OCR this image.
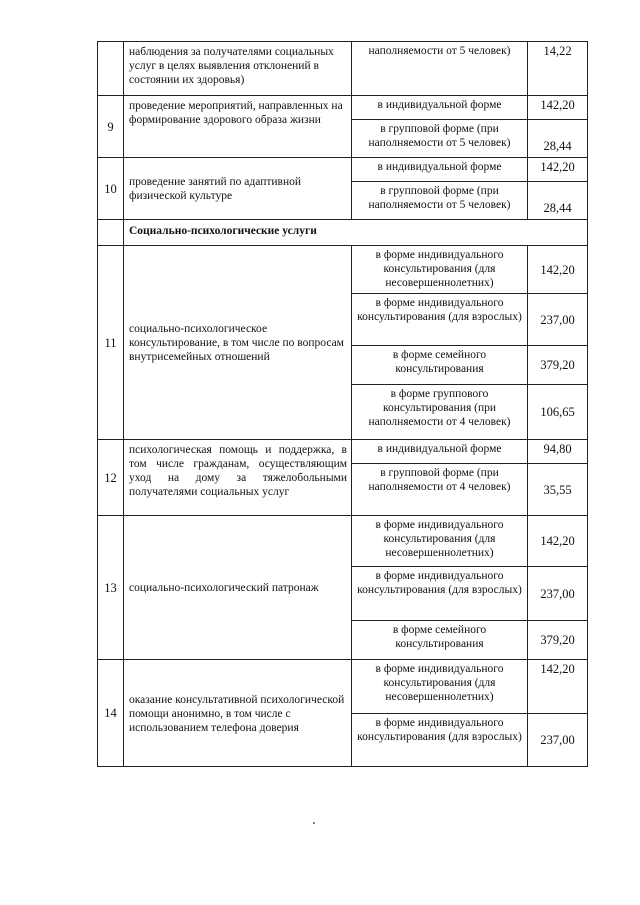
	наблюдения за получателями социальных услуг в целях выявления отклонений в состоянии их здоровья)	наполняемости от 5 человек)	14,22
9	проведение мероприятий, направленных на формирование здорового образа жизни	в индивидуальной форме	142,20
		в групповой форме (при наполняемости от 5 человек)	28,44
10	проведение занятий по адаптивной физической культуре	в индивидуальной форме	142,20
		в групповой форме (при наполняемости от 5 человек)	28,44
	Социально-психологические услуги		
11	социально-психологическое консультирование, в том числе по вопросам внутрисемейных отношений	в форме индивидуального консультирования (для несовершеннолетних)	142,20
		в форме индивидуального консультирования (для взрослых)	237,00
		в форме семейного консультирования	379,20
		в форме группового консультирования (при наполняемости от 4 человек)	106,65
12	психологическая помощь и поддержка, в том числе гражданам, осуществляющим уход на дому за тяжелобольными получателями социальных услуг	в индивидуальной форме	94,80
		в групповой форме (при наполняемости от 4 человек)	35,55
13	социально-психологический патронаж	в форме индивидуального консультирования (для несовершеннолетних)	142,20
		в форме индивидуального консультирования (для взрослых)	237,00
		в форме семейного консультирования	379,20
14	оказание консультативной психологической помощи анонимно, в том числе с использованием телефона доверия	в форме индивидуального консультирования (для несовершеннолетних)	142,20
		в форме индивидуального консультирования (для взрослых)	237,00
